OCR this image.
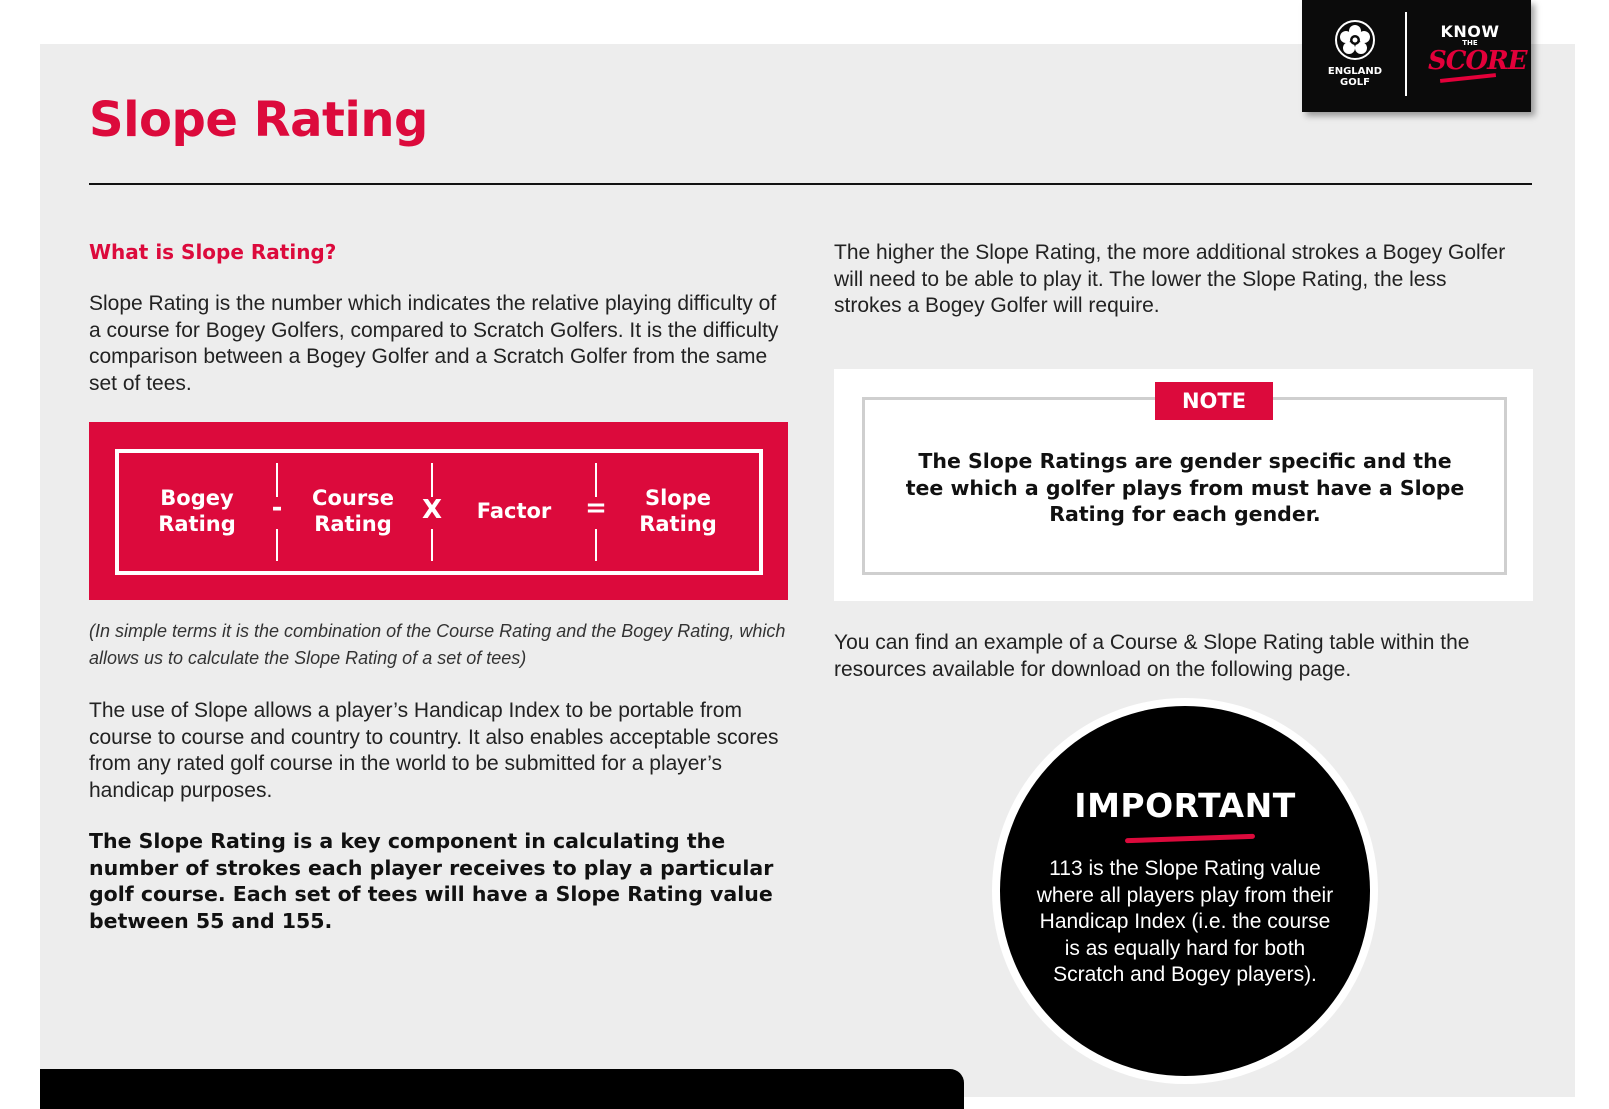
ENGLAND
GOLF
KNOW
THE
SCORE
Slope Rating
What is Slope Rating?

Slope Rating is the number which indicates the relative playing difficulty of a course for Bogey Golfers, compared to Scratch Golfers. It is the difficulty comparison between a Bogey Golfer and a Scratch Golfer from the same set of tees.

Bogey
Rating
-	Course
Rating	X	Factor	=	Slope
Rating

(In simple terms it is the combination of the Course Rating and the Bogey Rating, which allows us to calculate the Slope Rating of a set of tees)

The use of Slope allows a player’s Handicap Index to be portable from course to course and country to country. It also enables acceptable scores from any rated golf course in the world to be submitted for a player’s handicap purposes.

The Slope Rating is a key component in calculating the number of strokes each player receives to play a particular golf course. Each set of tees will have a Slope Rating value between 55 and 155.

The higher the Slope Rating, the more additional strokes a Bogey Golfer will need to be able to play it. The lower the Slope Rating, the less strokes a Bogey Golfer will require.

NOTE

The Slope Ratings are gender specific and the tee which a golfer plays from must have a Slope Rating for each gender.

You can find an example of a Course & Slope Rating table within the resources available for download on the following page.

IMPORTANT

113 is the Slope Rating value where all players play from their Handicap Index (i.e. the course is as equally hard for both Scratch and Bogey players).
